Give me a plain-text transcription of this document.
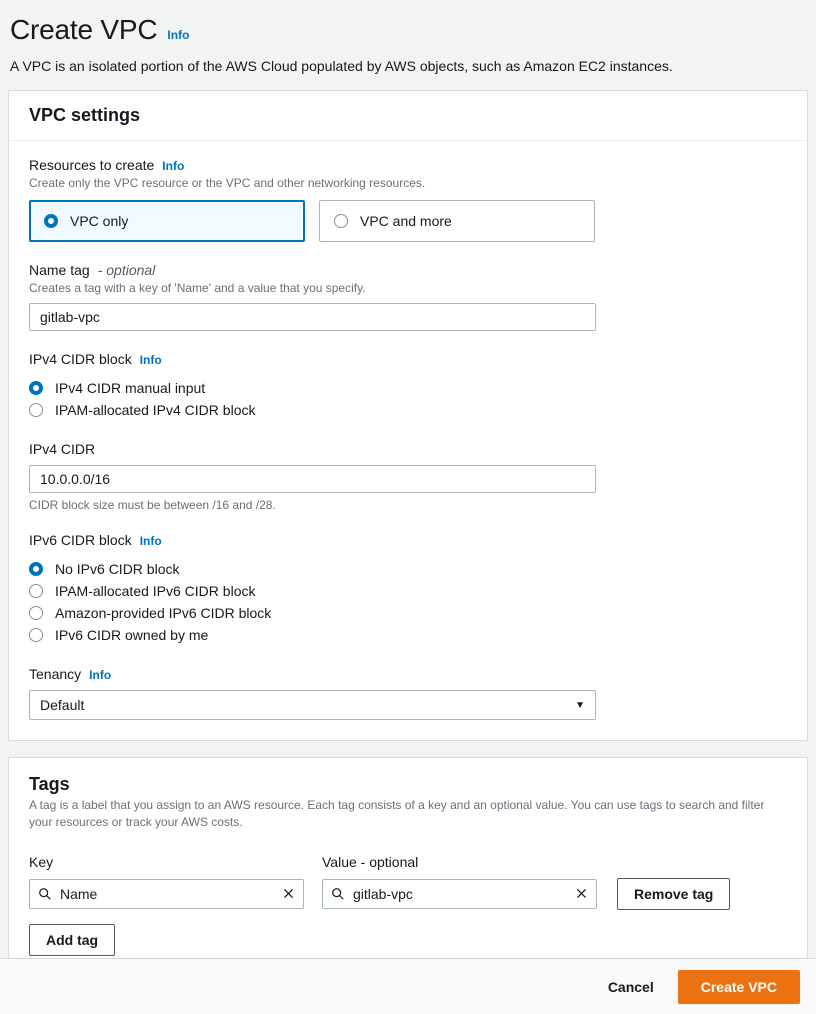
Create VPC Info
A VPC is an isolated portion of the AWS Cloud populated by AWS objects, such as Amazon EC2 instances.
VPC settings
Resources to create Info
Create only the VPC resource or the VPC and other networking resources.
VPC only	VPC and more
Name tag - optional
Creates a tag with a key of 'Name' and a value that you specify.
gitlab-vpc
IPv4 CIDR block Info
IPv4 CIDR manual input
IPAM-allocated IPv4 CIDR block
IPv4 CIDR
10.0.0.0/16
CIDR block size must be between /16 and /28.
IPv6 CIDR block Info
No IPv6 CIDR block
IPAM-allocated IPv6 CIDR block
Amazon-provided IPv6 CIDR block
IPv6 CIDR owned by me
Tenancy Info
Default	▼
Tags
A tag is a label that you assign to an AWS resource. Each tag consists of a key and an optional value. You can use tags to search and filter your resources or track your AWS costs.
Key	Value - optional
Name	gitlab-vpc	Remove tag
Add tag
Cancel	Create VPC
